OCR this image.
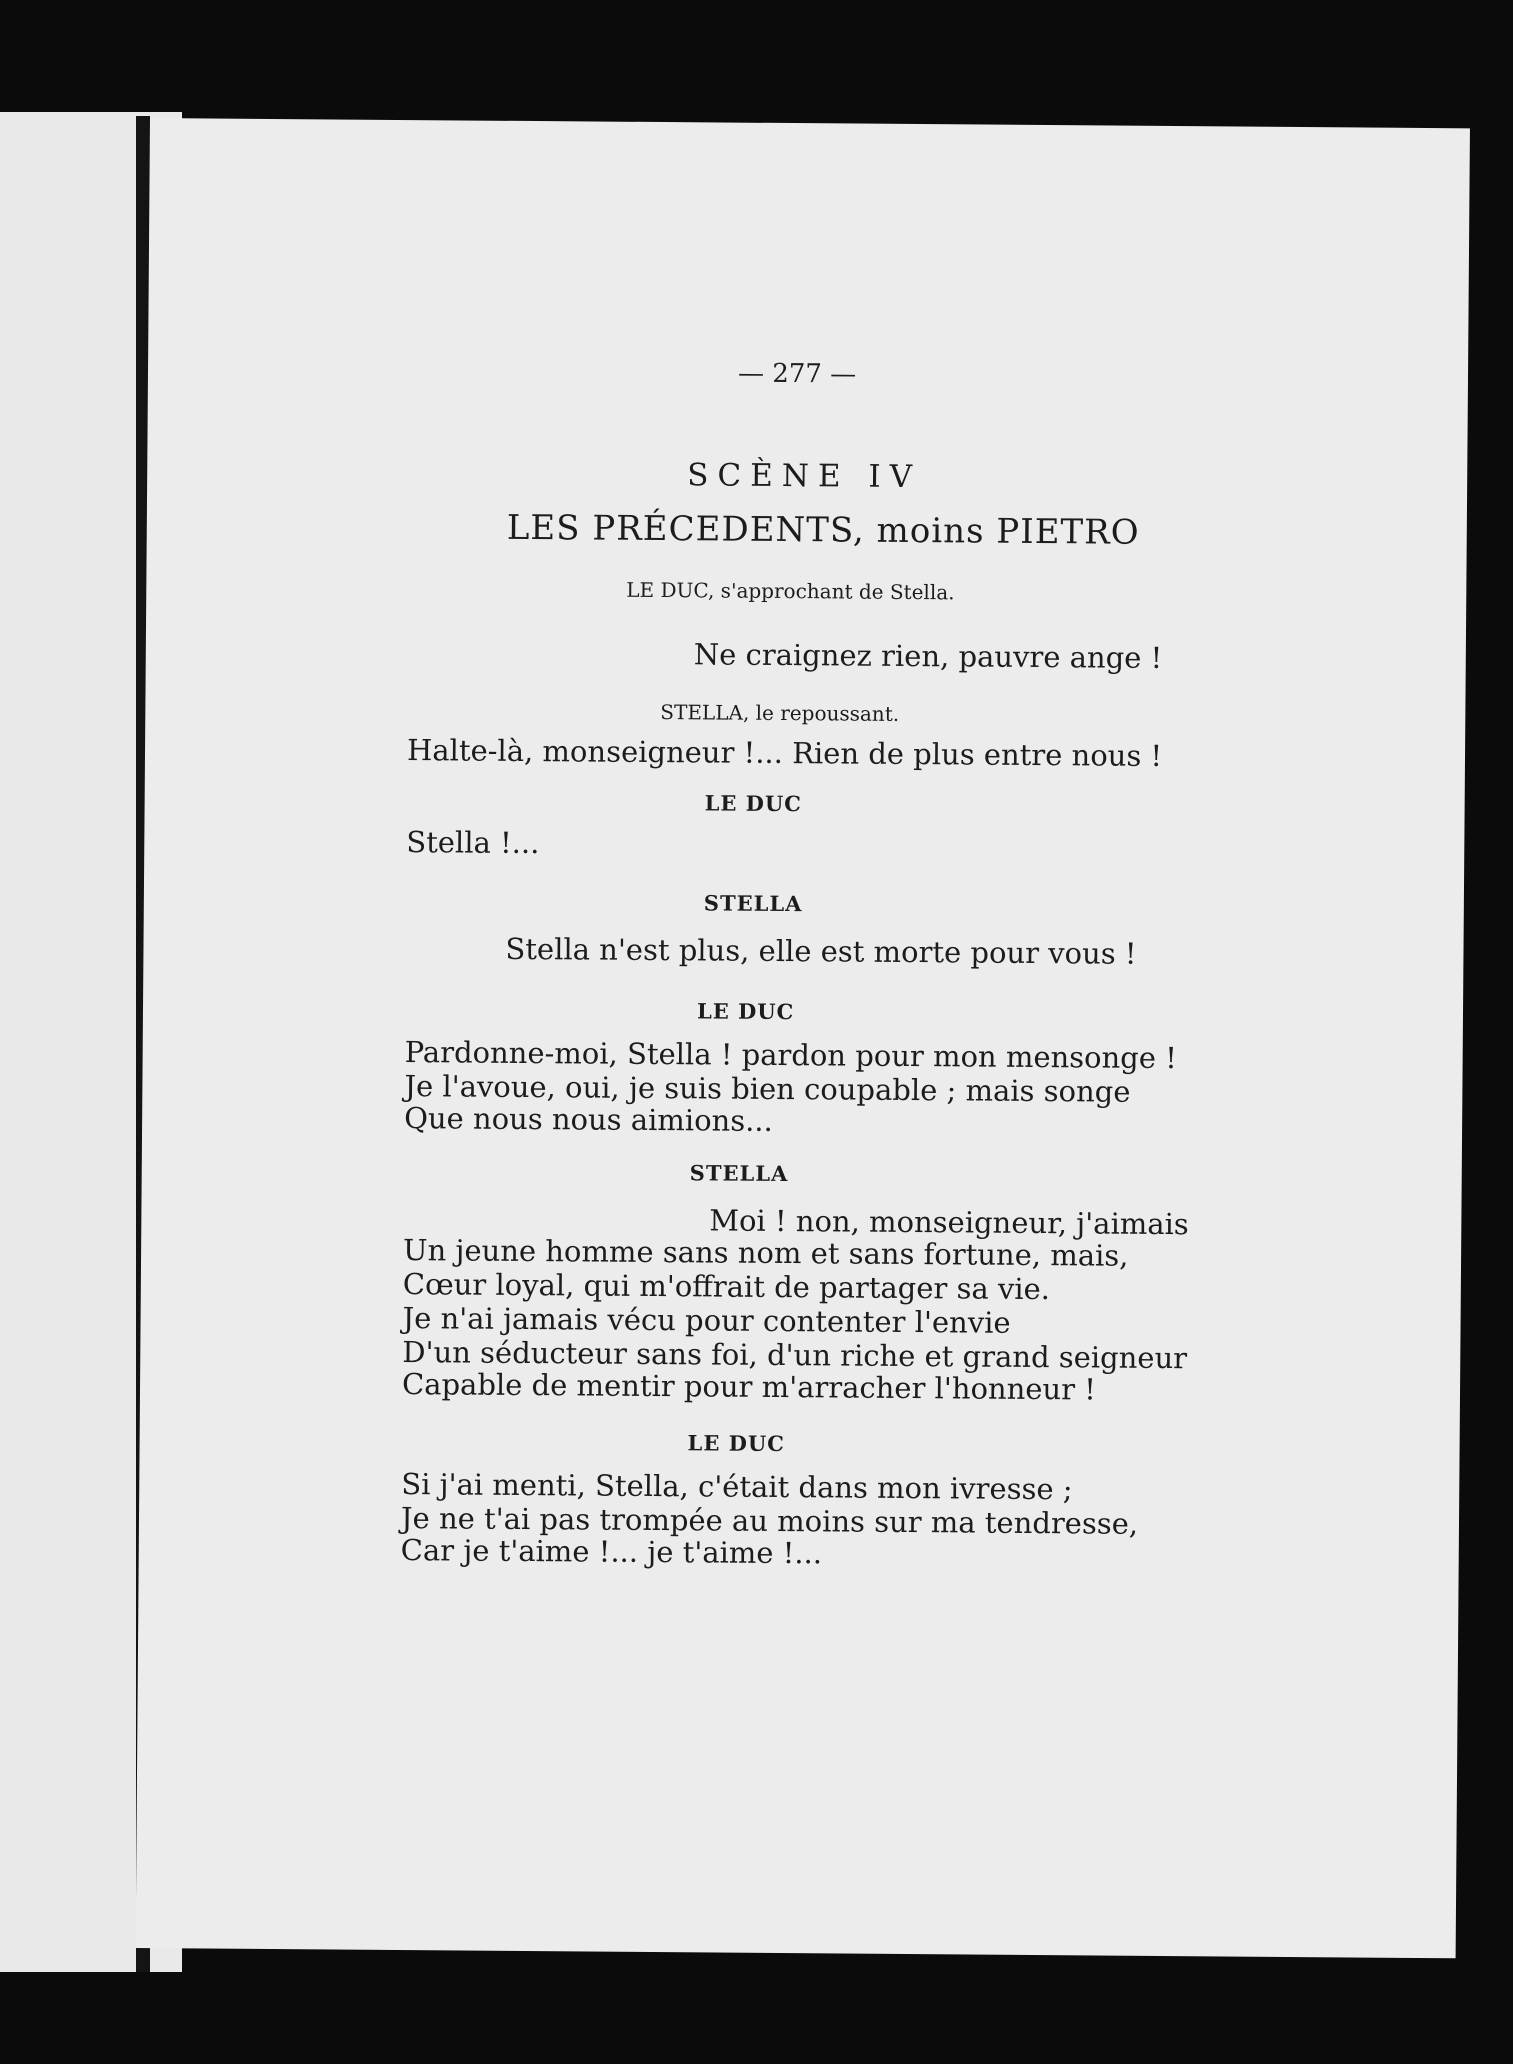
— 277 —
SCÈNE IV
LES PRÉCEDENTS, moins PIETRO
LE DUC, s'approchant de Stella.
Ne craignez rien, pauvre ange !
STELLA, le repoussant.
Halte-là, monseigneur !... Rien de plus entre nous !
LE DUC
Stella !...
STELLA
Stella n'est plus, elle est morte pour vous !
LE DUC
Pardonne-moi, Stella ! pardon pour mon mensonge !
Je l'avoue, oui, je suis bien coupable ; mais songe
Que nous nous aimions...
STELLA
Moi ! non, monseigneur, j'aimais
Un jeune homme sans nom et sans fortune, mais,
Cœur loyal, qui m'offrait de partager sa vie.
Je n'ai jamais vécu pour contenter l'envie
D'un séducteur sans foi, d'un riche et grand seigneur
Capable de mentir pour m'arracher l'honneur !
LE DUC
Si j'ai menti, Stella, c'était dans mon ivresse ;
Je ne t'ai pas trompée au moins sur ma tendresse,
Car je t'aime !... je t'aime !...
